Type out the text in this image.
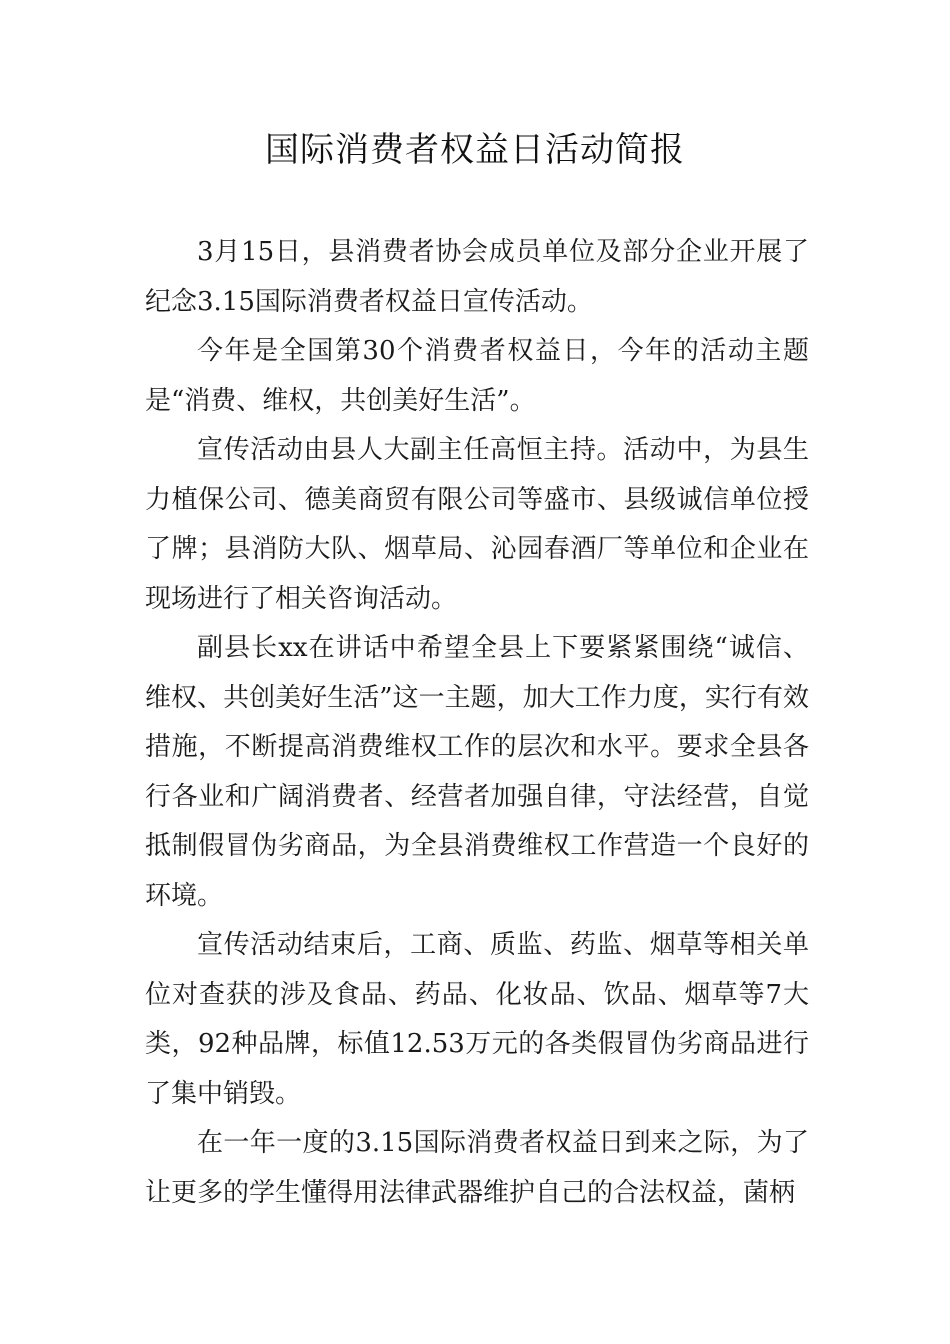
国际消费者权益日活动简报

3月15日，县消费者协会成员单位及部分企业开展了纪念3.15国际消费者权益日宣传活动。

今年是全国第30个消费者权益日，今年的活动主题是“消费、维权，共创美好生活”。

宣传活动由县人大副主任高恒主持。活动中，为县生力植保公司、德美商贸有限公司等盛市、县级诚信单位授了牌；县消防大队、烟草局、沁园春酒厂等单位和企业在现场进行了相关咨询活动。

副县长xx在讲话中希望全县上下要紧紧围绕“诚信、维权、共创美好生活”这一主题，加大工作力度，实行有效措施，不断提高消费维权工作的层次和水平。要求全县各行各业和广阔消费者、经营者加强自律，守法经营，自觉抵制假冒伪劣商品，为全县消费维权工作营造一个良好的环境。

宣传活动结束后，工商、质监、药监、烟草等相关单位对查获的涉及食品、药品、化妆品、饮品、烟草等7大类，92种品牌，标值12.53万元的各类假冒伪劣商品进行了集中销毁。

在一年一度的3.15国际消费者权益日到来之际，为了让更多的学生懂得用法律武器维护自己的合法权益，菌柄
